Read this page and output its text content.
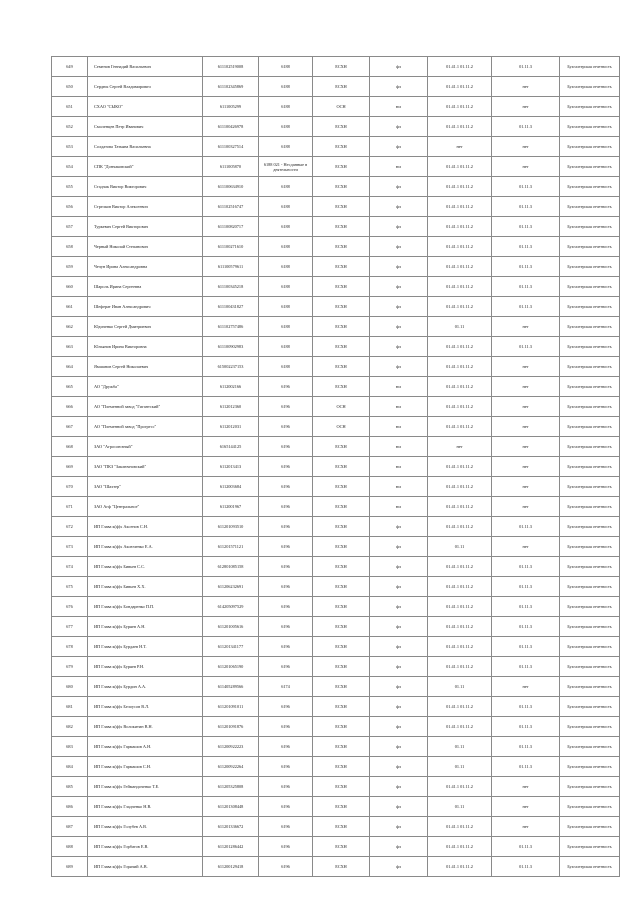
649	Семенов Геннадий Васильевич	611102519008	6188	ЕСХН	фл	01.41.1 01.11.2	01.11.3	Бухгалтерская отчетность
650	Сердюк Сергей Владимирович	611102345869	6188	ЕСХН	фл	01.41.1 01.11.2	нет	Бухгалтерская отчетность
651	СХАО "СЫКО"	6111005299	6188	ОСН	юл	01.41.1 01.11.2	нет	Бухгалтерская отчетность
652	Смоленцев Петр Иванович	611100426978	6188	ЕСХН	фл	01.41.1 01.11.2	01.11.3	Бухгалтерская отчетность
653	Солдатова Татьяна Васильевна	611100327514	6188	ЕСХН	фл	нет	нет	Бухгалтерская отчетность
654	СПК "Дончаковский"	6111005870	6188 021 - Несданные в деятельности	ЕСХН	юл	01.41.1 01.11.2	нет	Бухгалтерская отчетность
655	Стадчак Виктор Викторович	611100634910	6188	ЕСХН	фл	01.41.1 01.11.2	01.11.3	Бухгалтерская отчетность
656	Стрелков Виктор Алексеевич	611102516747	6188	ЕСХН	фл	01.41.1 01.11.2	01.11.3	Бухгалтерская отчетность
657	Туркевич Сергей Викторович	611100820717	6188	ЕСХН	фл	01.41.1 01.11.2	01.11.3	Бухгалтерская отчетность
658	Черный Николай Степанович	611100271610	6188	ЕСХН	фл	01.41.1 01.11.2	01.11.3	Бухгалтерская отчетность
659	Чечун Ирина Александровна	611100579611	6188	ЕСХН	фл	01.41.1 01.11.2	01.11.3	Бухгалтерская отчетность
660	Шароль Ирина Сергеевна	611100345218	6188	ЕСХН	фл	01.41.1 01.11.2	01.11.3	Бухгалтерская отчетность
661	Шеферат Иван Александрович	611100431827	6188	ЕСХН	фл	01.41.1 01.11.2	01.11.3	Бухгалтерская отчетность
662	Юдиченко Сергей Дмитриевич	611102757486	6188	ЕСХН	фл	01.11	нет	Бухгалтерская отчетность
663	Юльянов Ирина Викторовна	611100902983	6188	ЕСХН	фл	01.41.1 01.11.2	01.11.3	Бухгалтерская отчетность
664	Ямшанов Сергей Николаевич	615002237153	6188	ЕСХН	фл	01.41.1 01.11.2	нет	Бухгалтерская отчетность
665	АО "Дружба"	6112002166	6196	ЕСХН	юл	01.41.1 01.11.2	нет	Бухгалтерская отчетность
666	АО "Племенной завод "Гигантский"	6112012360	6196	ОСН	юл	01.41.1 01.11.2	нет	Бухгалтерская отчетность
667	АО "Племенной завод "Прогресс"	6112012031	6196	ОСН	юл	01.41.1 01.11.2	нет	Бухгалтерская отчетность
668	ЗАО "Агросоюзный"	6165144125	6196	ЕСХН	юл	нет	нет	Бухгалтерская отчетность
669	ЗАО "ПКЗ "Заключновский"	6112013413	6196	ЕСХН	юл	01.41.1 01.11.2	нет	Бухгалтерская отчетность
670	ЗАО "Шахтер"	6112003684	6196	ЕСХН	юл	01.41.1 01.11.2	нет	Бухгалтерская отчетность
671	ЗАО Агф "Центральное"	6112001967	6196	ЕСХН	юл	01.41.1 01.11.2	нет	Бухгалтерская отчетность
672	ИП Глава к(ф)х Аксенов С.Н.	611201093510	6196	ЕСХН	фл	01.41.1 01.11.2	01.11.3	Бухгалтерская отчетность
673	ИП Глава к(ф)х Аксюченко Е.А.	611201571121	6196	ЕСХН	фл	01.11	нет	Бухгалтерская отчетность
674	ИП Глава к(ф)х Бивьев С.С.	612801085158	6196	ЕСХН	фл	01.41.1 01.11.2	01.11.3	Бухгалтерская отчетность
675	ИП Глава к(ф)х Бивьев Х.Х.	611206232691	6196	ЕСХН	фл	01.41.1 01.11.2	01.11.3	Бухгалтерская отчетность
676	ИП Глава к(ф)х Бондаренко П.П.	614205097529	6196	ЕСХН	фл	01.41.1 01.11.2	01.11.3	Бухгалтерская отчетность
677	ИП Глава к(ф)х Буряев А.Н.	611201005616	6196	ЕСХН	фл	01.41.1 01.11.2	01.11.3	Бухгалтерская отчетность
678	ИП Глава к(ф)х Бурдаев Н.Т.	611201341177	6196	ЕСХН	фл	01.41.1 01.11.2	01.11.3	Бухгалтерская отчетность
679	ИП Глава к(ф)х Буряев Р.Н.	611201065190	6196	ЕСХН	фл	01.41.1 01.11.2	01.11.3	Бухгалтерская отчетность
680	ИП Глава к(ф)х Бурдин А.А.	611405289566	6174	ЕСХН	фл	01.11	нет	Бухгалтерская отчетность
681	ИП Глава к(ф)х Белоусов В.Л.	611201091011	6196	ЕСХН	фл	01.41.1 01.11.2	01.11.3	Бухгалтерская отчетность
682	ИП Глава к(ф)х Волокитин В.Н.	611201091876	6196	ЕСХН	фл	01.41.1 01.11.2	01.11.3	Бухгалтерская отчетность
683	ИП Глава к(ф)х Гармашов А.Н.	611200922223	6196	ЕСХН	фл	01.11	01.11.3	Бухгалтерская отчетность
684	ИП Глава к(ф)х Гармашов С.Н.	611200922264	6196	ЕСХН	фл	01.11	01.11.3	Бухгалтерская отчетность
685	ИП Глава к(ф)х Геймандоченко Т.Е.	611205325808	6196	ЕСХН	фл	01.41.1 01.11.2	нет	Бухгалтерская отчетность
686	ИП Глава к(ф)х Гладченко Н.В.	611201308448	6196	ЕСХН	фл	01.11	нет	Бухгалтерская отчетность
687	ИП Глава к(ф)х Голубев А.В.	611201336672	6196	ЕСХН	фл	01.41.1 01.11.2	нет	Бухгалтерская отчетность
688	ИП Глава к(ф)х Горбатов Е.В.	611201286442	6196	ЕСХН	фл	01.41.1 01.11.2	01.11.3	Бухгалтерская отчетность
689	ИП Глава к(ф)х Горячий А.В.	611200129418	6196	ЕСХН	фл	01.41.1 01.11.2	01.11.3	Бухгалтерская отчетность
